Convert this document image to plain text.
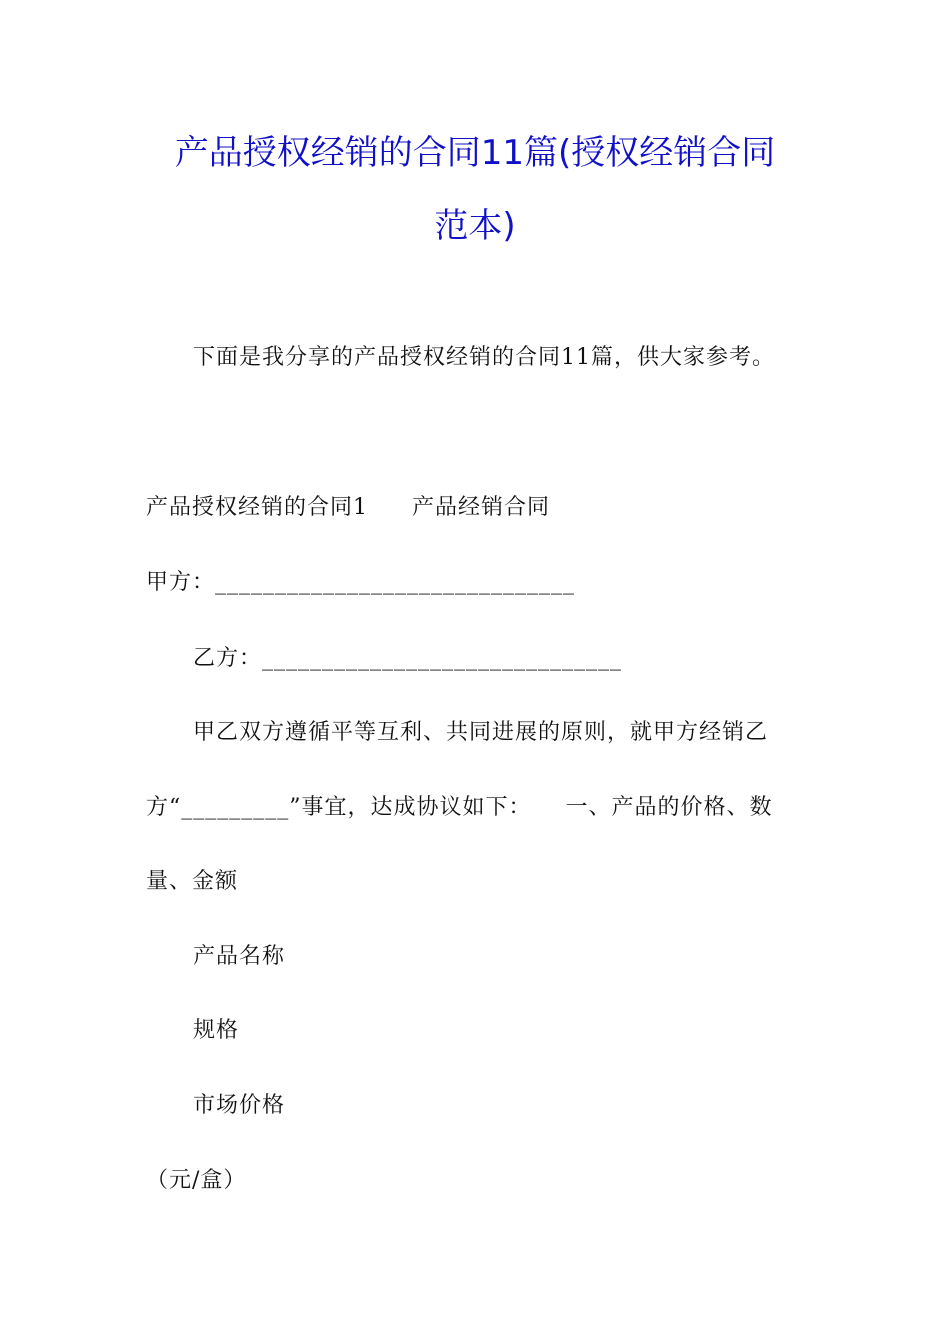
产品授权经销的合同11篇(授权经销合同
范本)
下面是我分享的产品授权经销的合同11篇，供大家参考。
产品授权经销的合同1 产品经销合同
甲方：______________________________
乙方：______________________________
甲乙双方遵循平等互利、共同进展的原则，就甲方经销乙
方“_________”事宜，达成协议如下： 一、产品的价格、数
量、金额
产品名称
规格
市场价格
（元/盒）
